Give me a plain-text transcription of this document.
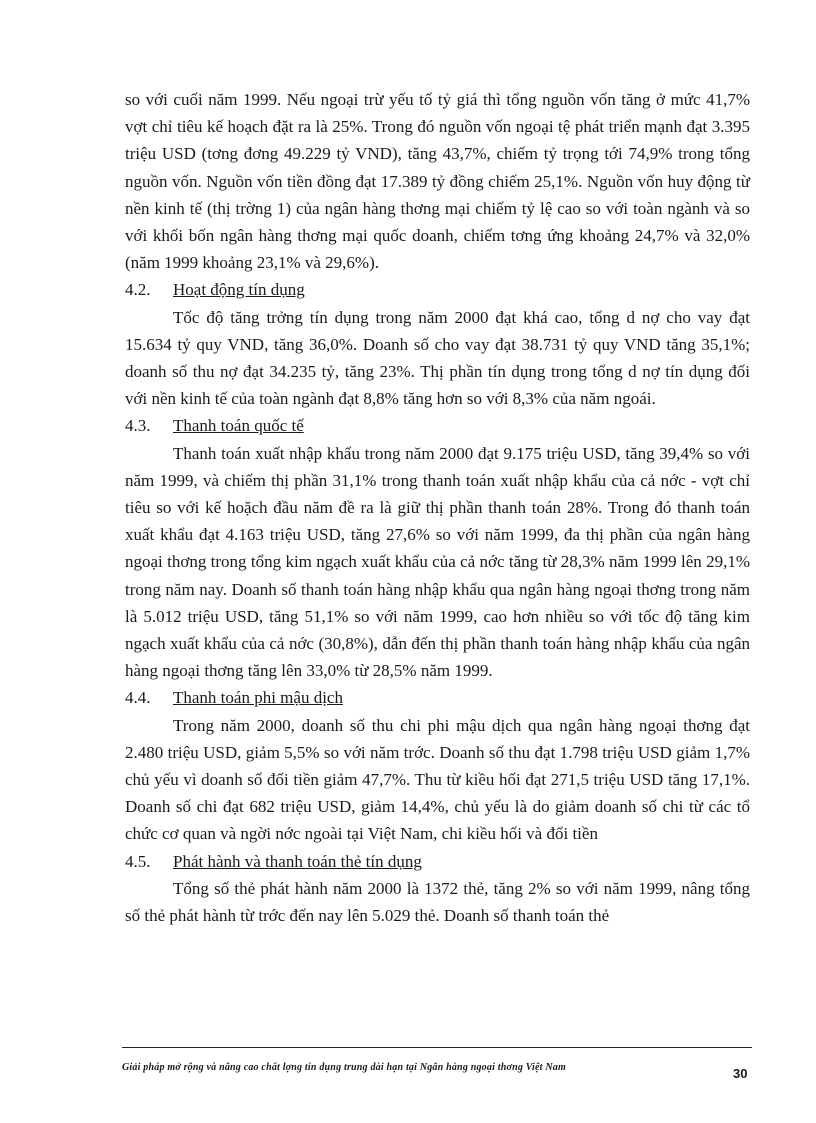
so với cuối năm 1999. Nếu ngoại trừ yếu tố tỷ giá thì tổng nguồn vốn tăng ở mức 41,7% vợt chỉ tiêu kế hoạch đặt ra là 25%. Trong đó nguồn vốn ngoại tệ phát triển mạnh đạt 3.395 triệu USD (tơng đơng 49.229 tỷ VND), tăng 43,7%, chiếm tỷ trọng tới 74,9% trong tổng nguồn vốn. Nguồn vốn tiền đồng đạt 17.389 tỷ đồng chiếm 25,1%. Nguồn vốn huy động từ nền kinh tế (thị trờng 1) của ngân hàng thơng mại chiếm tỷ lệ cao so với toàn ngành và so với khối bốn ngân hàng thơng mại quốc doanh, chiếm tơng ứng khoảng 24,7% và 32,0% (năm 1999 khoảng 23,1% và 29,6%).

4.2.	Hoạt động tín dụng

Tốc độ tăng trởng tín dụng trong năm 2000 đạt khá cao, tổng d nợ cho vay đạt 15.634 tỷ quy VND, tăng 36,0%. Doanh số cho vay đạt 38.731 tỷ quy VND tăng 35,1%; doanh số thu nợ đạt 34.235 tỷ, tăng 23%. Thị phần tín dụng trong tổng d nợ tín dụng đối với nền kinh tế của toàn ngành đạt 8,8% tăng hơn so với 8,3% của năm ngoái.

4.3.	Thanh toán quốc tế

Thanh toán xuất nhập khẩu trong năm 2000 đạt 9.175 triệu USD, tăng 39,4% so với năm 1999, và chiếm thị phần 31,1% trong thanh toán xuất nhập khẩu của cả nớc - vợt chỉ tiêu so với kế hoặch đầu năm đề ra là giữ thị phần thanh toán 28%. Trong đó thanh toán xuất khẩu đạt 4.163 triệu USD, tăng 27,6% so với năm 1999, đa thị phần của ngân hàng ngoại thơng trong tổng kim ngạch xuất khẩu của cả nớc tăng từ 28,3% năm 1999 lên 29,1% trong năm nay. Doanh số thanh toán hàng nhập khẩu qua ngân hàng ngoại thơng trong năm là 5.012 triệu USD, tăng 51,1% so với năm 1999, cao hơn nhiều so với tốc độ tăng kim ngạch xuất khẩu của cả nớc (30,8%), dẫn đến thị phần thanh toán hàng nhập khẩu của ngân hàng ngoại thơng tăng lên 33,0% từ 28,5% năm 1999.

4.4.	Thanh toán phi mậu dịch

Trong năm 2000, doanh số thu chi phi mậu dịch qua ngân hàng ngoại thơng đạt 2.480 triệu USD, giảm 5,5% so với năm trớc. Doanh số thu đạt 1.798 triệu USD giảm 1,7% chủ yếu vì doanh số đổi tiền giảm 47,7%. Thu từ kiều hối đạt 271,5 triệu USD tăng 17,1%. Doanh số chi đạt 682 triệu USD, giảm 14,4%, chủ yếu là do giảm doanh số chi từ các tổ chức cơ quan và ngời nớc ngoài tại Việt Nam, chi kiều hối và đổi tiền

4.5.	Phát hành và thanh toán thẻ tín dụng

Tổng số thẻ phát hành năm 2000 là 1372 thẻ, tăng 2% so với năm 1999, nâng tổng số thẻ phát hành từ trớc đến nay lên 5.029 thẻ. Doanh số thanh toán thẻ

Giải pháp mở rộng và nâng cao chất lợng tín dụng trung dài hạn tại Ngân hàng ngoại thơng Việt Nam	30
